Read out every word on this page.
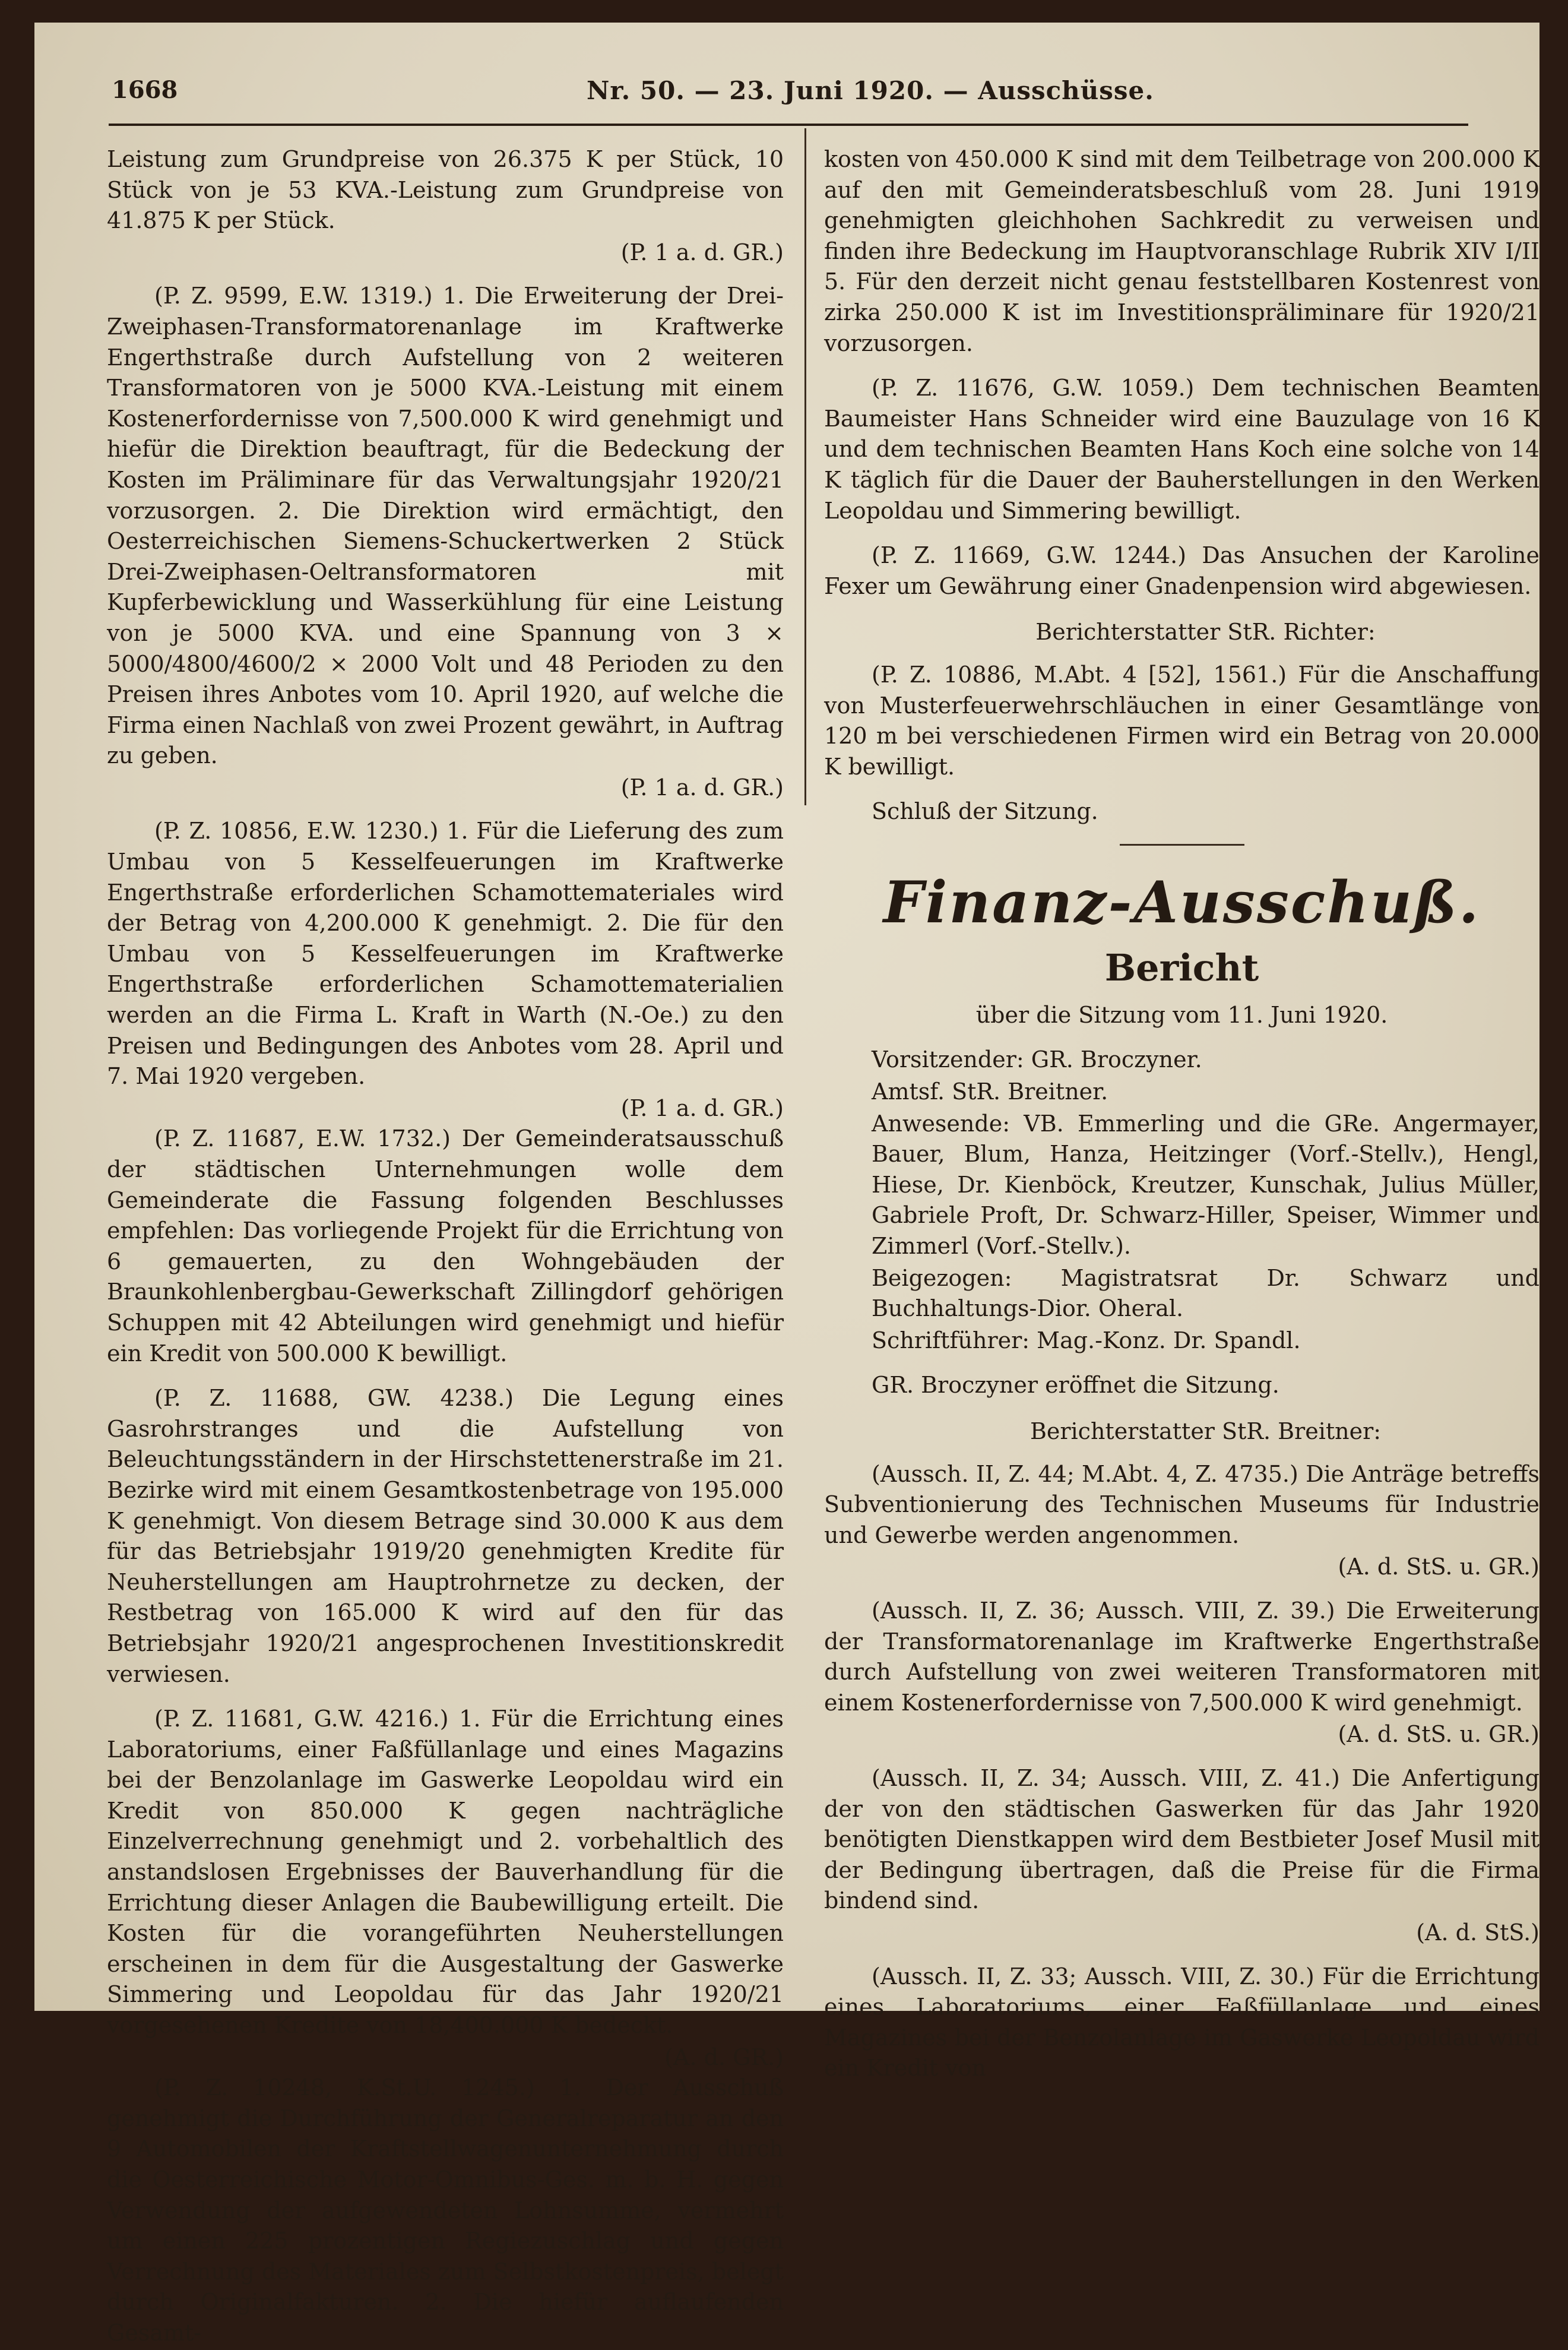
1668	Nr. 50. — 23. Juni 1920. — Ausschüsse.

Leistung zum Grundpreise von 26.375 K per Stück, 10 Stück von je 53 KVA.-Leistung zum Grundpreise von 41.875 K per Stück.

(P. 1 a. d. GR.)

(P. Z. 9599, E.W. 1319.) 1. Die Erweiterung der Drei-Zweiphasen-Transformatorenanlage im Kraftwerke Engerthstraße durch Aufstellung von 2 weiteren Transformatoren von je 5000 KVA.-Leistung mit einem Kostenerfordernisse von 7,500.000 K wird genehmigt und hiefür die Direktion beauftragt, für die Bedeckung der Kosten im Präliminare für das Verwaltungsjahr 1920/21 vorzusorgen. 2. Die Direktion wird ermächtigt, den Oesterreichischen Siemens-Schuckertwerken 2 Stück Drei-Zweiphasen-Oeltransformatoren mit Kupferbewicklung und Wasserkühlung für eine Leistung von je 5000 KVA. und eine Spannung von 3 × 5000/4800/4600/2 × 2000 Volt und 48 Perioden zu den Preisen ihres Anbotes vom 10. April 1920, auf welche die Firma einen Nachlaß von zwei Prozent gewährt, in Auftrag zu geben.

(P. 1 a. d. GR.)

(P. Z. 10856, E.W. 1230.) 1. Für die Lieferung des zum Umbau von 5 Kesselfeuerungen im Kraftwerke Engerthstraße erforderlichen Schamottemateriales wird der Betrag von 4,200.000 K genehmigt. 2. Die für den Umbau von 5 Kesselfeuerungen im Kraftwerke Engerthstraße erforderlichen Schamottematerialien werden an die Firma L. Kraft in Warth (N.-Oe.) zu den Preisen und Bedingungen des Anbotes vom 28. April und 7. Mai 1920 vergeben.

(P. 1 a. d. GR.)

(P. Z. 11687, E.W. 1732.) Der Gemeinderatsausschuß der städtischen Unternehmungen wolle dem Gemeinderate die Fassung folgenden Beschlusses empfehlen: Das vorliegende Projekt für die Errichtung von 6 gemauerten, zu den Wohngebäuden der Braunkohlenbergbau-Gewerkschaft Zillingdorf gehörigen Schuppen mit 42 Abteilungen wird genehmigt und hiefür ein Kredit von 500.000 K bewilligt.

(P. Z. 11688, GW. 4238.) Die Legung eines Gasrohrstranges und die Aufstellung von Beleuchtungsständern in der Hirschstettenerstraße im 21. Bezirke wird mit einem Gesamtkostenbetrage von 195.000 K genehmigt. Von diesem Betrage sind 30.000 K aus dem für das Betriebsjahr 1919/20 genehmigten Kredite für Neuherstellungen am Hauptrohrnetze zu decken, der Restbetrag von 165.000 K wird auf den für das Betriebsjahr 1920/21 angesprochenen Investitionskredit verwiesen.

(P. Z. 11681, G.W. 4216.) 1. Für die Errichtung eines Laboratoriums, einer Faßfüllanlage und eines Magazins bei der Benzolanlage im Gaswerke Leopoldau wird ein Kredit von 850.000 K gegen nachträgliche Einzelverrechnung genehmigt und 2. vorbehaltlich des anstandslosen Ergebnisses der Bauverhandlung für die Errichtung dieser Anlagen die Baubewilligung erteilt. Die Kosten für die vorangeführten Neuherstellungen erscheinen in dem für die Ausgestaltung der Gaswerke Simmering und Leopoldau für das Jahr 1920/21 vorgesehenen Kredite von 18,400.000 K bedeckt.

(A. d. GR.)

(P. Z. 10248, K.St.U. 1245.) 1. Der Ausschuß genehmigt die Durchführung der Generalreparatur an den 9 Automobilen der Kraftstellwagenunternehmung durch die Oesterreichische Motor-Omnibus-Ges. m. b. H. gegen Verwendung der aufgewendeten Lohnsumme, vermehrt um einen 225 prozentigen Regiezuschlag und gegen Verrechnung des Materiales zum Selbstkostenpreis, belegt durch Originalfakturen. 2. Die hiefür auflaufenden Gesamt-

kosten von 450.000 K sind mit dem Teilbetrage von 200.000 K auf den mit Gemeinderatsbeschluß vom 28. Juni 1919 genehmigten gleichhohen Sachkredit zu verweisen und finden ihre Bedeckung im Hauptvoranschlage Rubrik XIV I/II 5. Für den derzeit nicht genau feststellbaren Kostenrest von zirka 250.000 K ist im Investitionspräliminare für 1920/21 vorzusorgen.

(P. Z. 11676, G.W. 1059.) Dem technischen Beamten Baumeister Hans Schneider wird eine Bauzulage von 16 K und dem technischen Beamten Hans Koch eine solche von 14 K täglich für die Dauer der Bauherstellungen in den Werken Leopoldau und Simmering bewilligt.

(P. Z. 11669, G.W. 1244.) Das Ansuchen der Karoline Fexer um Gewährung einer Gnadenpension wird abgewiesen.

Berichterstatter StR. Richter:

(P. Z. 10886, M.Abt. 4 [52], 1561.) Für die Anschaffung von Musterfeuerwehrschläuchen in einer Gesamtlänge von 120 m bei verschiedenen Firmen wird ein Betrag von 20.000 K bewilligt.

Schluß der Sitzung.

Finanz-Ausschuß.
Bericht

über die Sitzung vom 11. Juni 1920.

Vorsitzender: GR. Broczyner.

Amtsf. StR. Breitner.

Anwesende: VB. Emmerling und die GRe. Angermayer, Bauer, Blum, Hanza, Heitzinger (Vorf.-Stellv.), Hengl, Hiese, Dr. Kienböck, Kreutzer, Kunschak, Julius Müller, Gabriele Proft, Dr. Schwarz-Hiller, Speiser, Wimmer und Zimmerl (Vorf.-Stellv.).

Beigezogen: Magistratsrat Dr. Schwarz und Buchhaltungs-Dior. Oheral.

Schriftführer: Mag.-Konz. Dr. Spandl.

GR. Broczyner eröffnet die Sitzung.

Berichterstatter StR. Breitner:

(Aussch. II, Z. 44; M.Abt. 4, Z. 4735.) Die Anträge betreffs Subventionierung des Technischen Museums für Industrie und Gewerbe werden angenommen.

(A. d. StS. u. GR.)

(Aussch. II, Z. 36; Aussch. VIII, Z. 39.) Die Erweiterung der Transformatorenanlage im Kraftwerke Engerthstraße durch Aufstellung von zwei weiteren Transformatoren mit einem Kostenerfordernisse von 7,500.000 K wird genehmigt.

(A. d. StS. u. GR.)

(Aussch. II, Z. 34; Aussch. VIII, Z. 41.) Die Anfertigung der von den städtischen Gaswerken für das Jahr 1920 benötigten Dienstkappen wird dem Bestbieter Josef Musil mit der Bedingung übertragen, daß die Preise für die Firma bindend sind.

(A. d. StS.)

(Aussch. II, Z. 33; Aussch. VIII, Z. 30.) Für die Errichtung eines Laboratoriums, einer Faßfüllanlage und eines Magazines bei der Benzolanlage im Gaswerke Leopoldau wird ein Kredit von
